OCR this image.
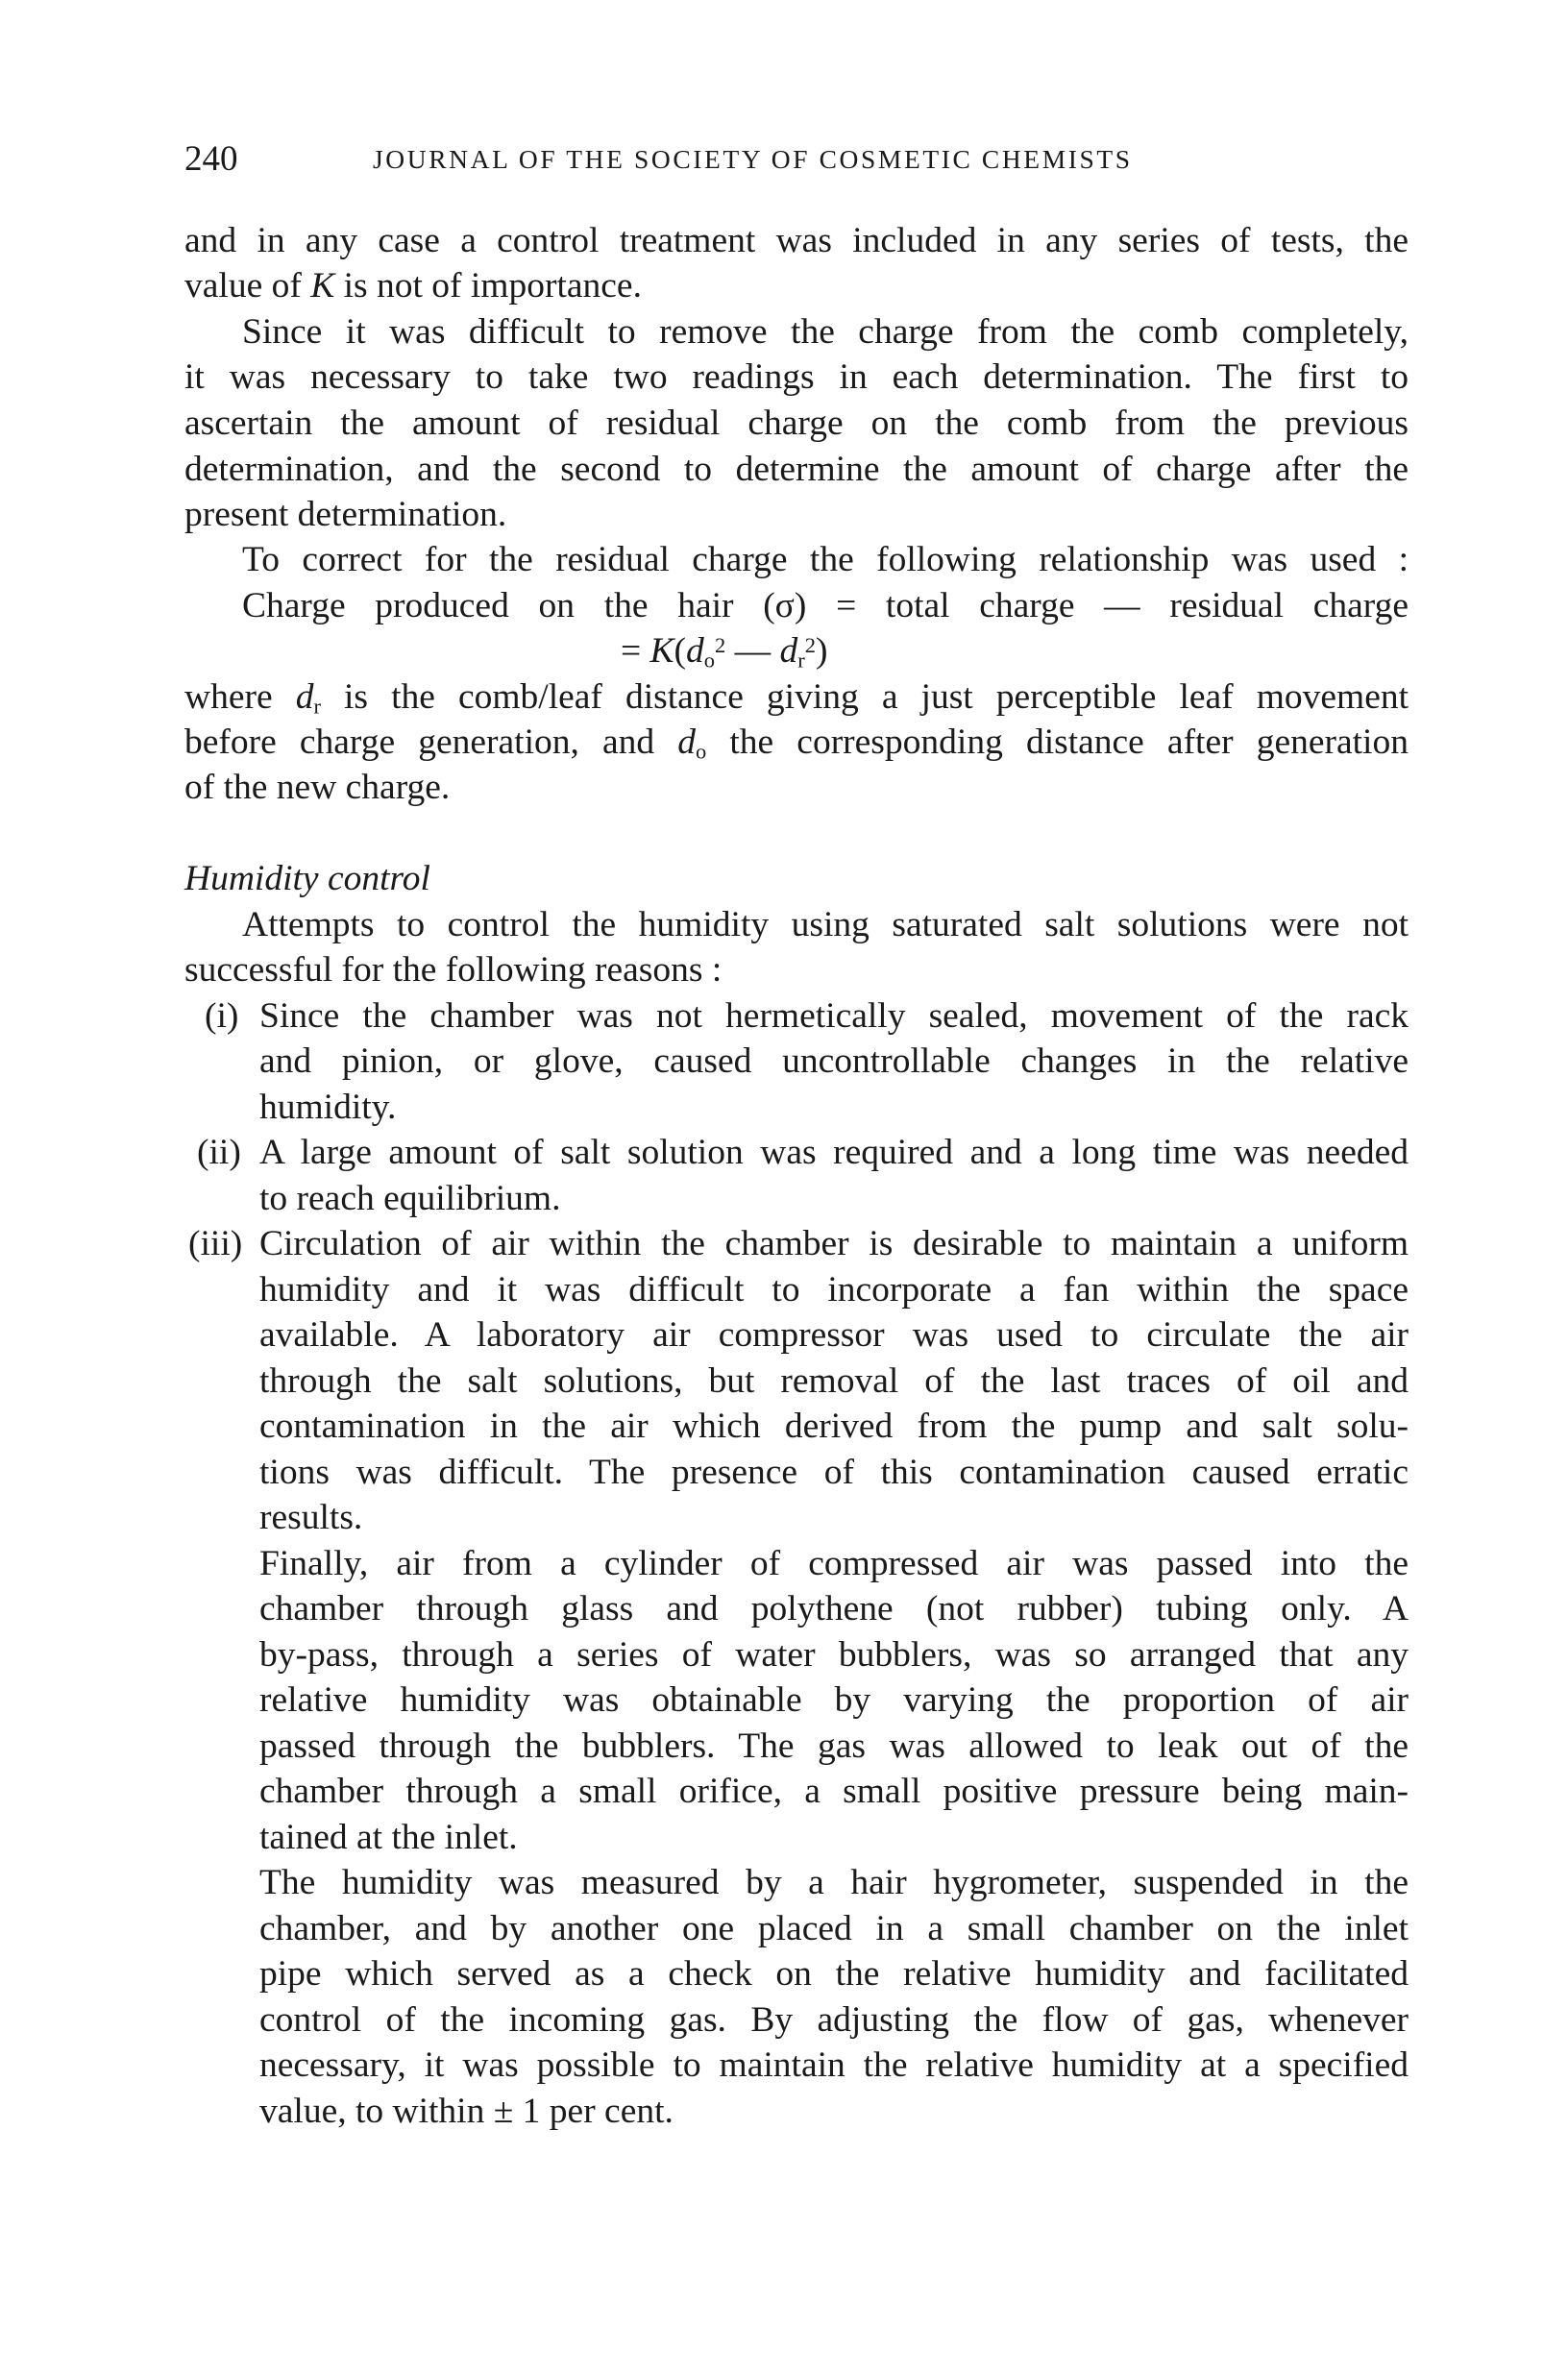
240	JOURNAL OF THE SOCIETY OF COSMETIC CHEMISTS
and in any case a control treatment was included in any series of tests, the
value of K is not of importance.
Since it was difficult to remove the charge from the comb completely,
it was necessary to take two readings in each determination. The first to
ascertain the amount of residual charge on the comb from the previous
determination, and the second to determine the amount of charge after the
present determination.
To correct for the residual charge the following relationship was used :
Charge produced on the hair (σ) = total charge — residual charge
= $K(d_o^2$ — $d_r^2$)
where $d_r$ is the comb/leaf distance giving a just perceptible leaf movement
before charge generation, and $d_o$ the corresponding distance after generation
of the new charge.
Humidity control
Attempts to control the humidity using saturated salt solutions were not
successful for the following reasons :
(i) Since the chamber was not hermetically sealed, movement of the rack
and pinion, or glove, caused uncontrollable changes in the relative
humidity.
(ii) A large amount of salt solution was required and a long time was needed
to reach equilibrium.
(iii) Circulation of air within the chamber is desirable to maintain a uniform
humidity and it was difficult to incorporate a fan within the space
available. A laboratory air compressor was used to circulate the air
through the salt solutions, but removal of the last traces of oil and
contamination in the air which derived from the pump and salt solu-
tions was difficult. The presence of this contamination caused erratic
results.
Finally, air from a cylinder of compressed air was passed into the
chamber through glass and polythene (not rubber) tubing only. A
by-pass, through a series of water bubblers, was so arranged that any
relative humidity was obtainable by varying the proportion of air
passed through the bubblers. The gas was allowed to leak out of the
chamber through a small orifice, a small positive pressure being main-
tained at the inlet.
The humidity was measured by a hair hygrometer, suspended in the
chamber, and by another one placed in a small chamber on the inlet
pipe which served as a check on the relative humidity and facilitated
control of the incoming gas. By adjusting the flow of gas, whenever
necessary, it was possible to maintain the relative humidity at a specified
value, to within ± 1 per cent.
